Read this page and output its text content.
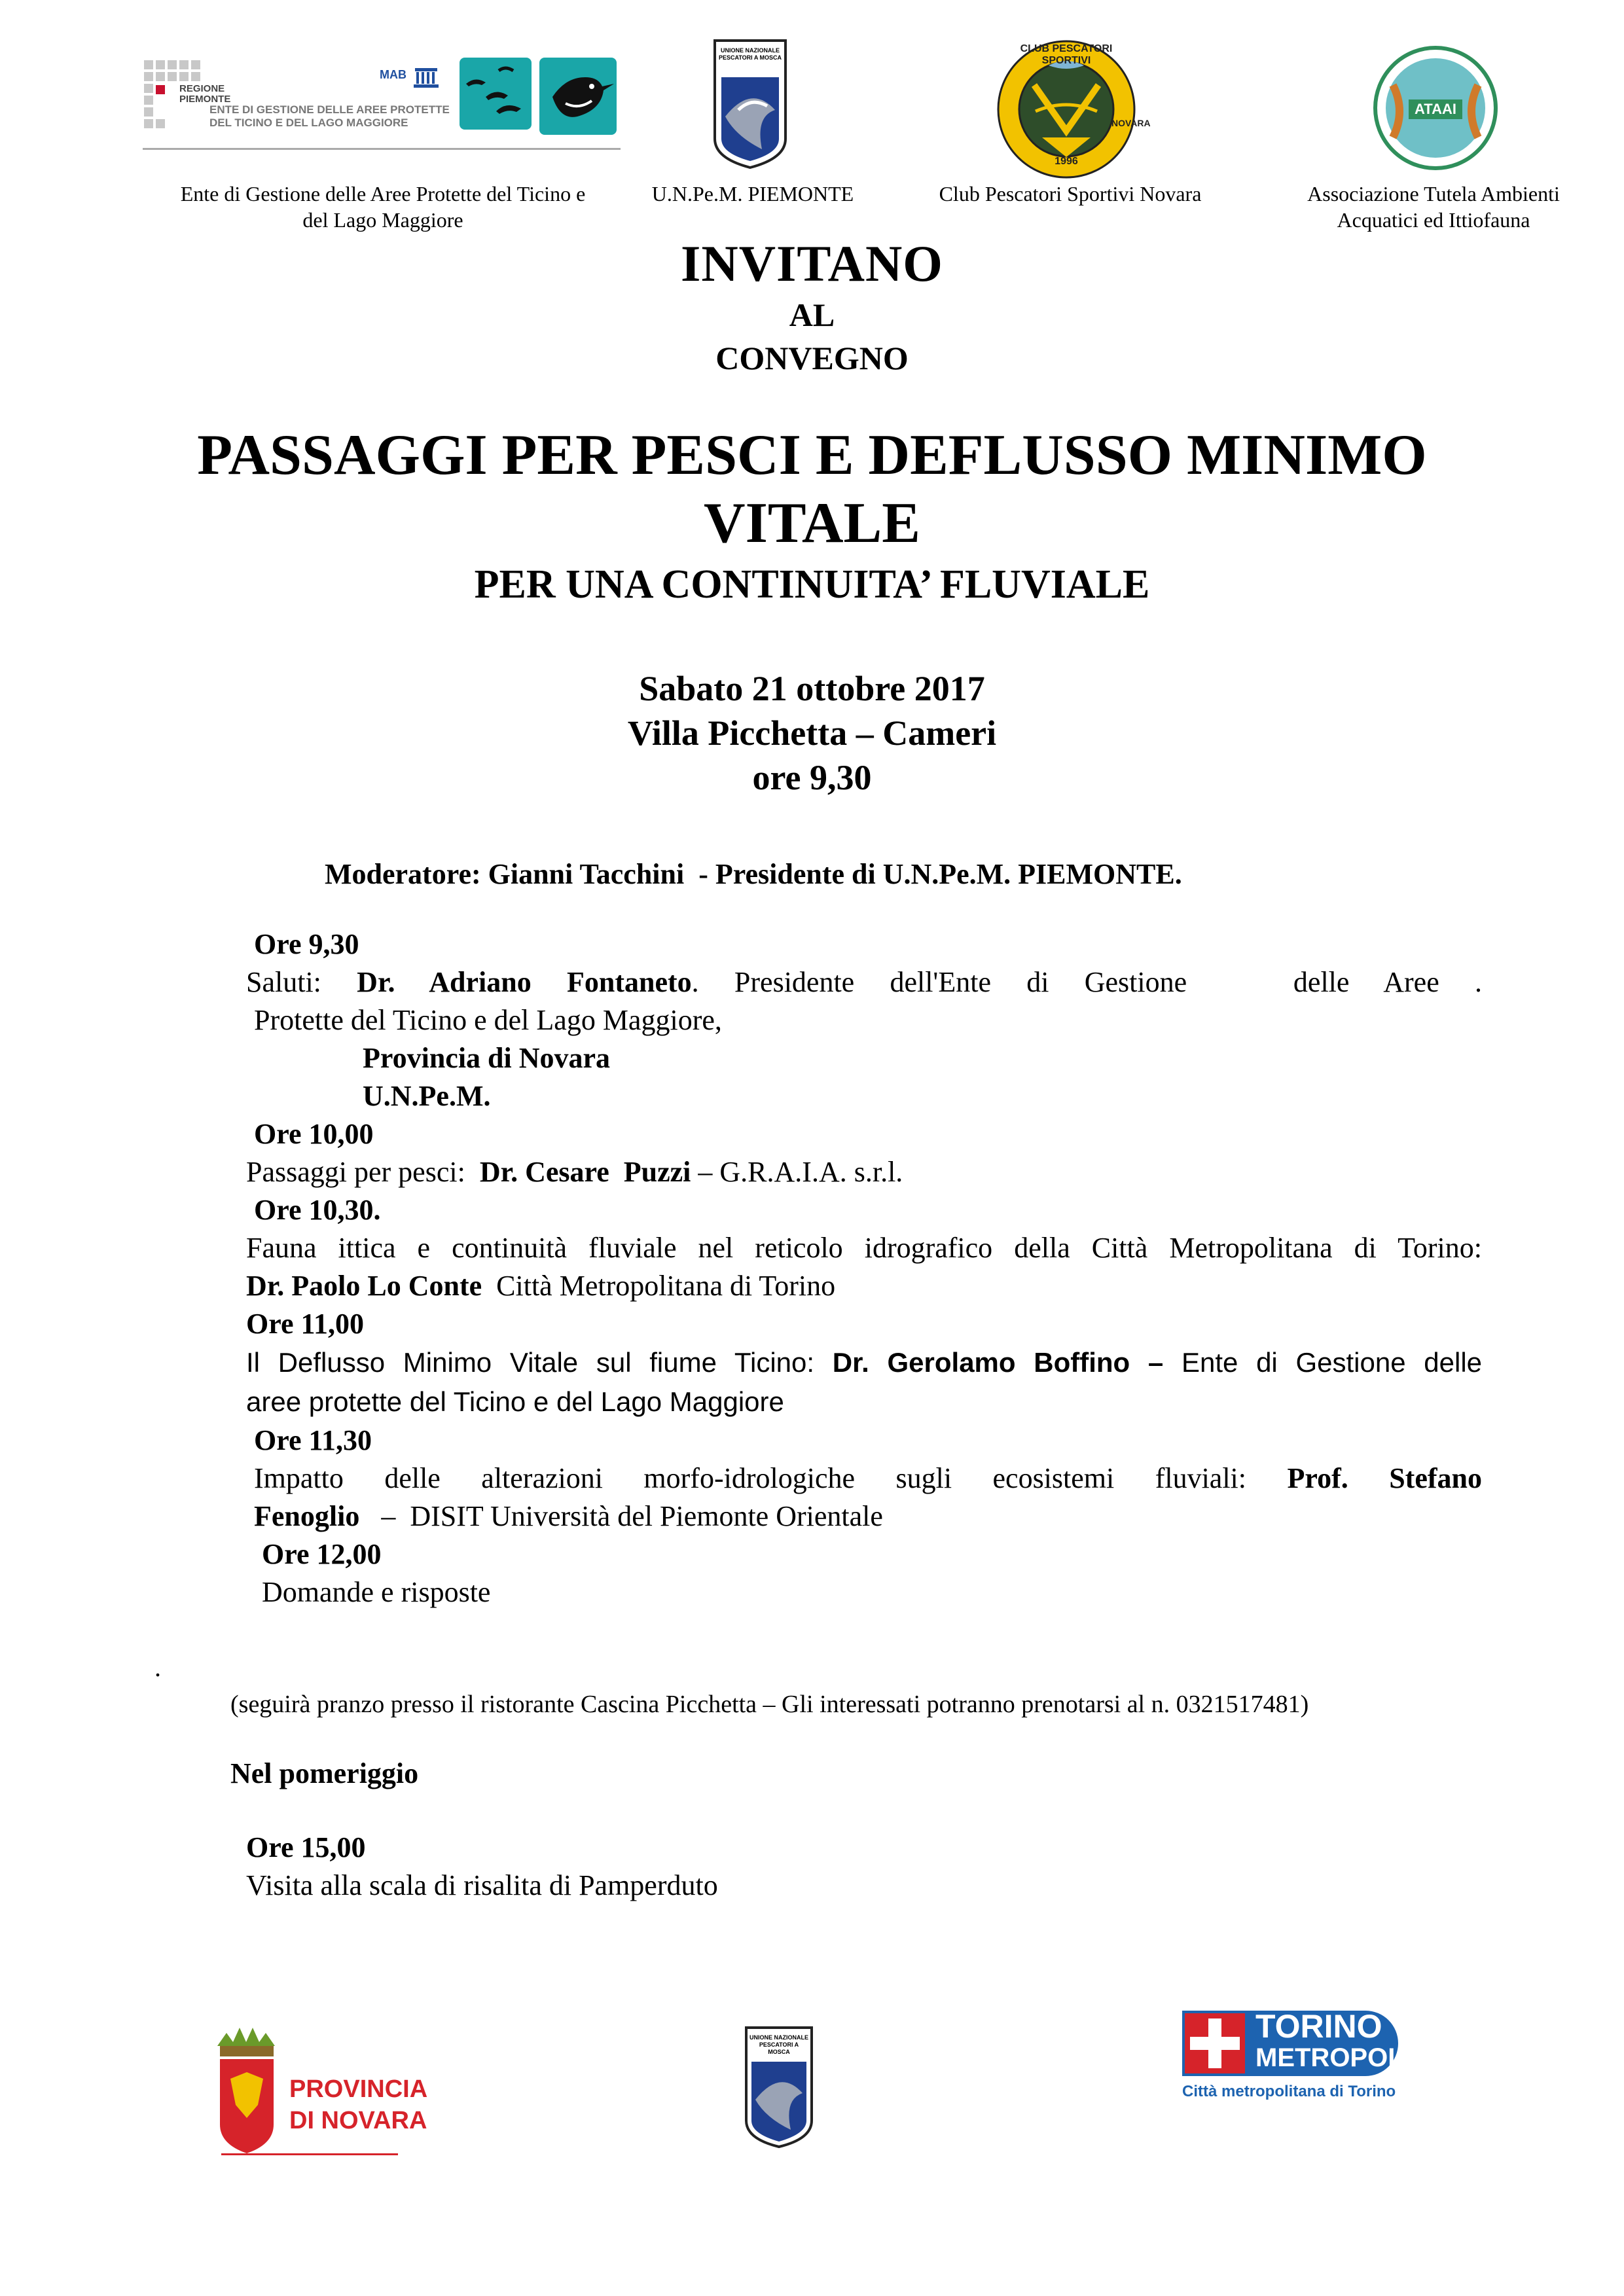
REGIONE
PIEMONTE
ENTE DI GESTIONE DELLE AREE PROTETTE
DEL TICINO E DEL LAGO MAGGIORE
MAB
UNIONE NAZIONALE
PESCATORI A MOSCA
CLUB PESCATORI SPORTIVI
1996
NOVARA
ATAAI
Ente di Gestione delle Aree Protette del Ticino e
del Lago Maggiore
U.N.Pe.M. PIEMONTE	Club Pescatori Sportivi Novara	Associazione Tutela Ambienti
Acquatici ed Ittiofauna
INVITANO
AL
CONVEGNO
PASSAGGI PER PESCI E DEFLUSSO MINIMO
VITALE
PER UNA CONTINUITA’ FLUVIALE
Sabato 21 ottobre 2017
Villa Picchetta – Cameri
ore 9,30
Moderatore: Gianni Tacchini  - Presidente di U.N.Pe.M. PIEMONTE.
Ore 9,30
Saluti: Dr. Adriano Fontaneto. Presidente dell'Ente di Gestione   delle Aree .
Protette del Ticino e del Lago Maggiore,
Provincia di Novara
U.N.Pe.M.
Ore 10,00
Passaggi per pesci: Dr. Cesare  Puzzi – G.R.A.I.A. s.r.l.
Ore 10,30.
Fauna ittica e continuità fluviale nel reticolo idrografico della Città Metropolitana di Torino:
Dr. Paolo Lo Conte  Città Metropolitana di Torino
Ore 11,00
Il Deflusso Minimo Vitale sul fiume Ticino: Dr. Gerolamo Boffino – Ente di Gestione delle
aree protette del Ticino e del Lago Maggiore
Ore 11,30
Impatto delle alterazioni morfo-idrologiche sugli ecosistemi fluviali: Prof. Stefano
Fenoglio   –  DISIT Università del Piemonte Orientale
Ore 12,00
Domande e risposte
.
(seguirà pranzo presso il ristorante Cascina Picchetta – Gli interessati potranno prenotarsi al n. 0321517481)
Nel pomeriggio
Ore 15,00
Visita alla scala di risalita di Pamperduto
PROVINCIA
DI NOVARA
UNIONE NAZIONALE
PESCATORI A MOSCA
TORINO
METROPOLI
Città metropolitana di Torino
